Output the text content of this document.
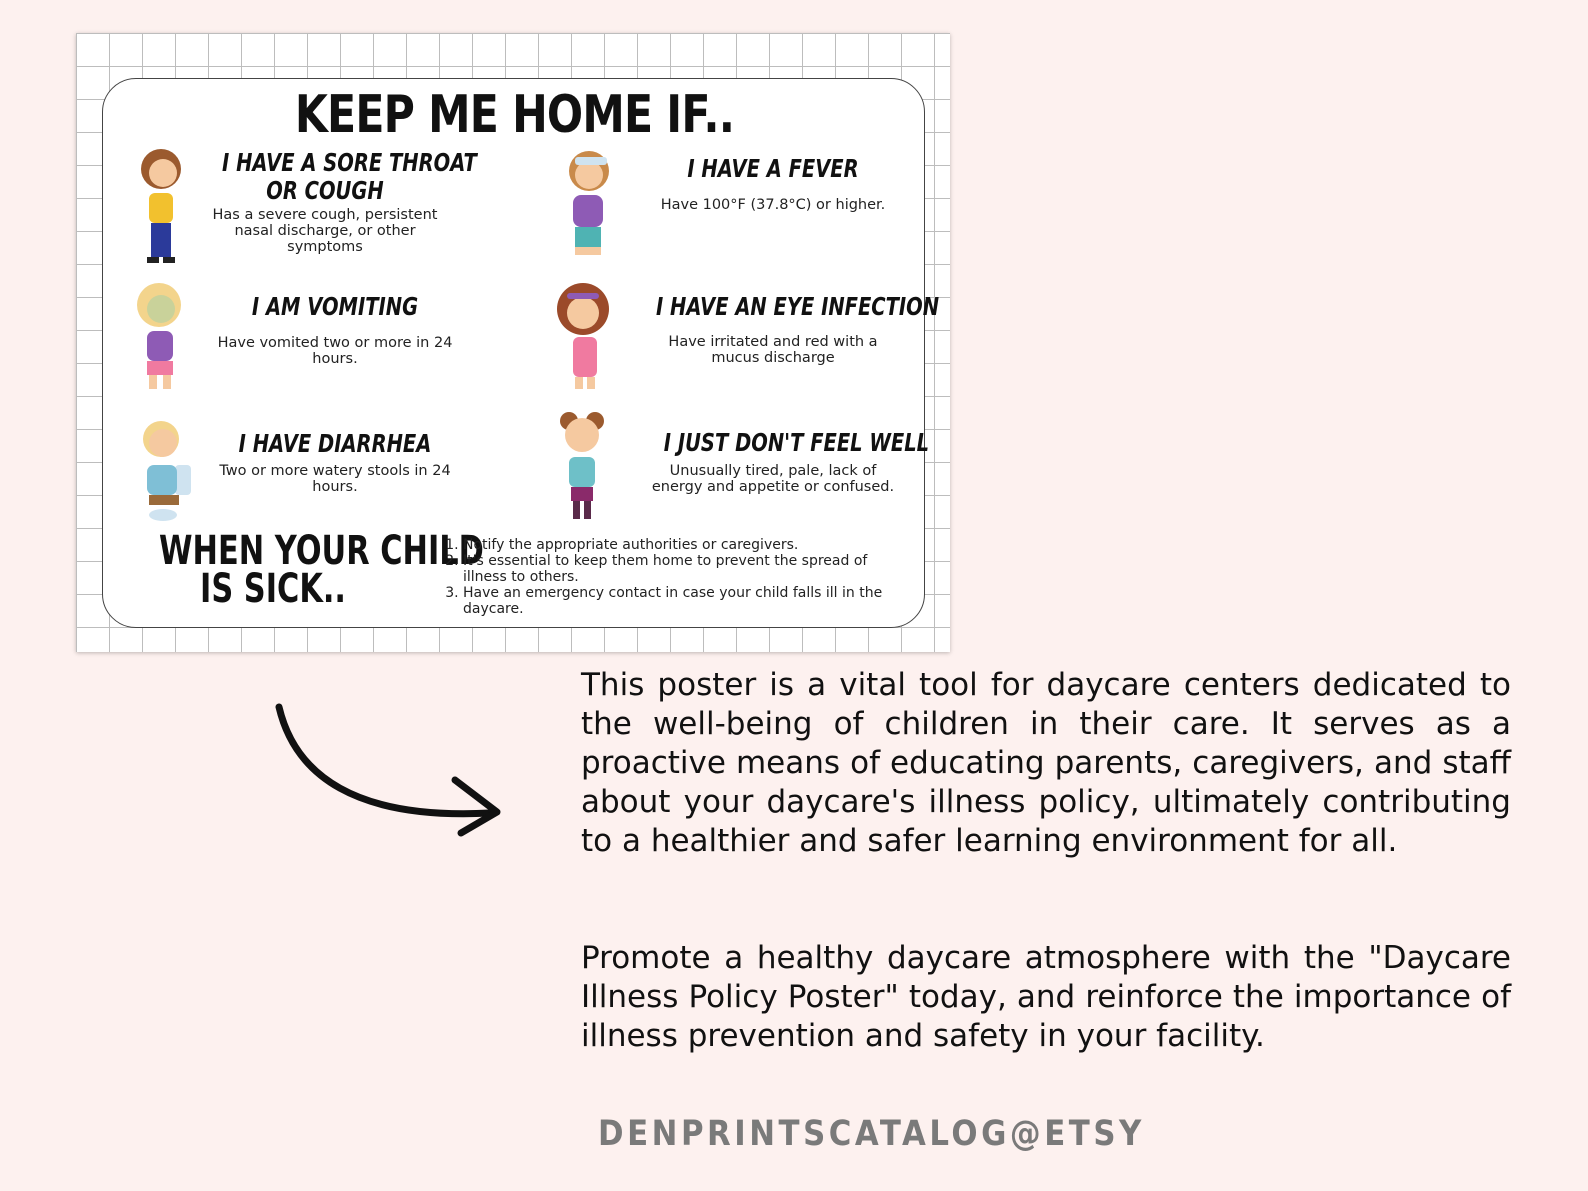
KEEP ME HOME IF..
I HAVE A SORE THROAT
OR COUGH
Has a severe cough, persistent nasal discharge, or other symptoms
I AM VOMITING
Have vomited two or more in 24 hours.
I HAVE DIARRHEA
Two or more watery stools in 24 hours.
I HAVE A FEVER
Have 100°F (37.8°C) or higher.
I HAVE AN EYE INFECTION
Have irritated and red with a mucus discharge
I JUST DON'T FEEL WELL
Unusually tired, pale, lack of energy and appetite or confused.
WHEN YOUR CHILD
IS SICK..
1. Notify the appropriate authorities or caregivers.
2. It's essential to keep them home to prevent the spread of illness to others.
3. Have an emergency contact in case your child falls ill in the daycare.

This poster is a vital tool for daycare centers dedicated to the well-being of children in their care. It serves as a proactive means of educating parents, caregivers, and staff about your daycare's illness policy, ultimately contributing to a healthier and safer learning environment for all.

Promote a healthy daycare atmosphere with the "Daycare Illness Policy Poster" today, and reinforce the importance of illness prevention and safety in your facility.

DENPRINTSCATALOG@ETSY
